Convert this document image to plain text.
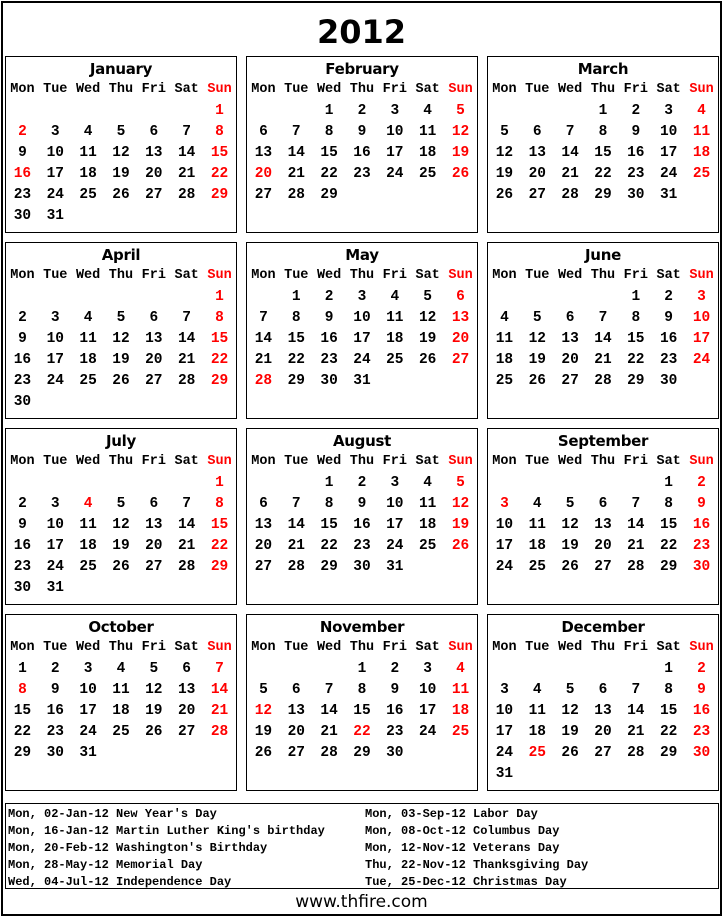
2012
January
Mon	Tue	Wed	Thu	Fri	Sat	Sun
						1
2	3	4	5	6	7	8
9	10	11	12	13	14	15
16	17	18	19	20	21	22
23	24	25	26	27	28	29
30	31					
February
Mon	Tue	Wed	Thu	Fri	Sat	Sun
		1	2	3	4	5
6	7	8	9	10	11	12
13	14	15	16	17	18	19
20	21	22	23	24	25	26
27	28	29				
March
Mon	Tue	Wed	Thu	Fri	Sat	Sun
			1	2	3	4
5	6	7	8	9	10	11
12	13	14	15	16	17	18
19	20	21	22	23	24	25
26	27	28	29	30	31	
April
Mon	Tue	Wed	Thu	Fri	Sat	Sun
						1
2	3	4	5	6	7	8
9	10	11	12	13	14	15
16	17	18	19	20	21	22
23	24	25	26	27	28	29
30						
May
Mon	Tue	Wed	Thu	Fri	Sat	Sun
	1	2	3	4	5	6
7	8	9	10	11	12	13
14	15	16	17	18	19	20
21	22	23	24	25	26	27
28	29	30	31			
June
Mon	Tue	Wed	Thu	Fri	Sat	Sun
				1	2	3
4	5	6	7	8	9	10
11	12	13	14	15	16	17
18	19	20	21	22	23	24
25	26	27	28	29	30	
July
Mon	Tue	Wed	Thu	Fri	Sat	Sun
						1
2	3	4	5	6	7	8
9	10	11	12	13	14	15
16	17	18	19	20	21	22
23	24	25	26	27	28	29
30	31					
August
Mon	Tue	Wed	Thu	Fri	Sat	Sun
		1	2	3	4	5
6	7	8	9	10	11	12
13	14	15	16	17	18	19
20	21	22	23	24	25	26
27	28	29	30	31		
September
Mon	Tue	Wed	Thu	Fri	Sat	Sun
					1	2
3	4	5	6	7	8	9
10	11	12	13	14	15	16
17	18	19	20	21	22	23
24	25	26	27	28	29	30
October
Mon	Tue	Wed	Thu	Fri	Sat	Sun
1	2	3	4	5	6	7
8	9	10	11	12	13	14
15	16	17	18	19	20	21
22	23	24	25	26	27	28
29	30	31				
November
Mon	Tue	Wed	Thu	Fri	Sat	Sun
			1	2	3	4
5	6	7	8	9	10	11
12	13	14	15	16	17	18
19	20	21	22	23	24	25
26	27	28	29	30		
December
Mon	Tue	Wed	Thu	Fri	Sat	Sun
					1	2
3	4	5	6	7	8	9
10	11	12	13	14	15	16
17	18	19	20	21	22	23
24	25	26	27	28	29	30
31						
Mon, 02-Jan-12 New Year's Day
Mon, 16-Jan-12 Martin Luther King's birthday
Mon, 20-Feb-12 Washington's Birthday
Mon, 28-May-12 Memorial Day
Wed, 04-Jul-12 Independence Day
Mon, 03-Sep-12 Labor Day
Mon, 08-Oct-12 Columbus Day
Mon, 12-Nov-12 Veterans Day
Thu, 22-Nov-12 Thanksgiving Day
Tue, 25-Dec-12 Christmas Day
www.thfire.com
